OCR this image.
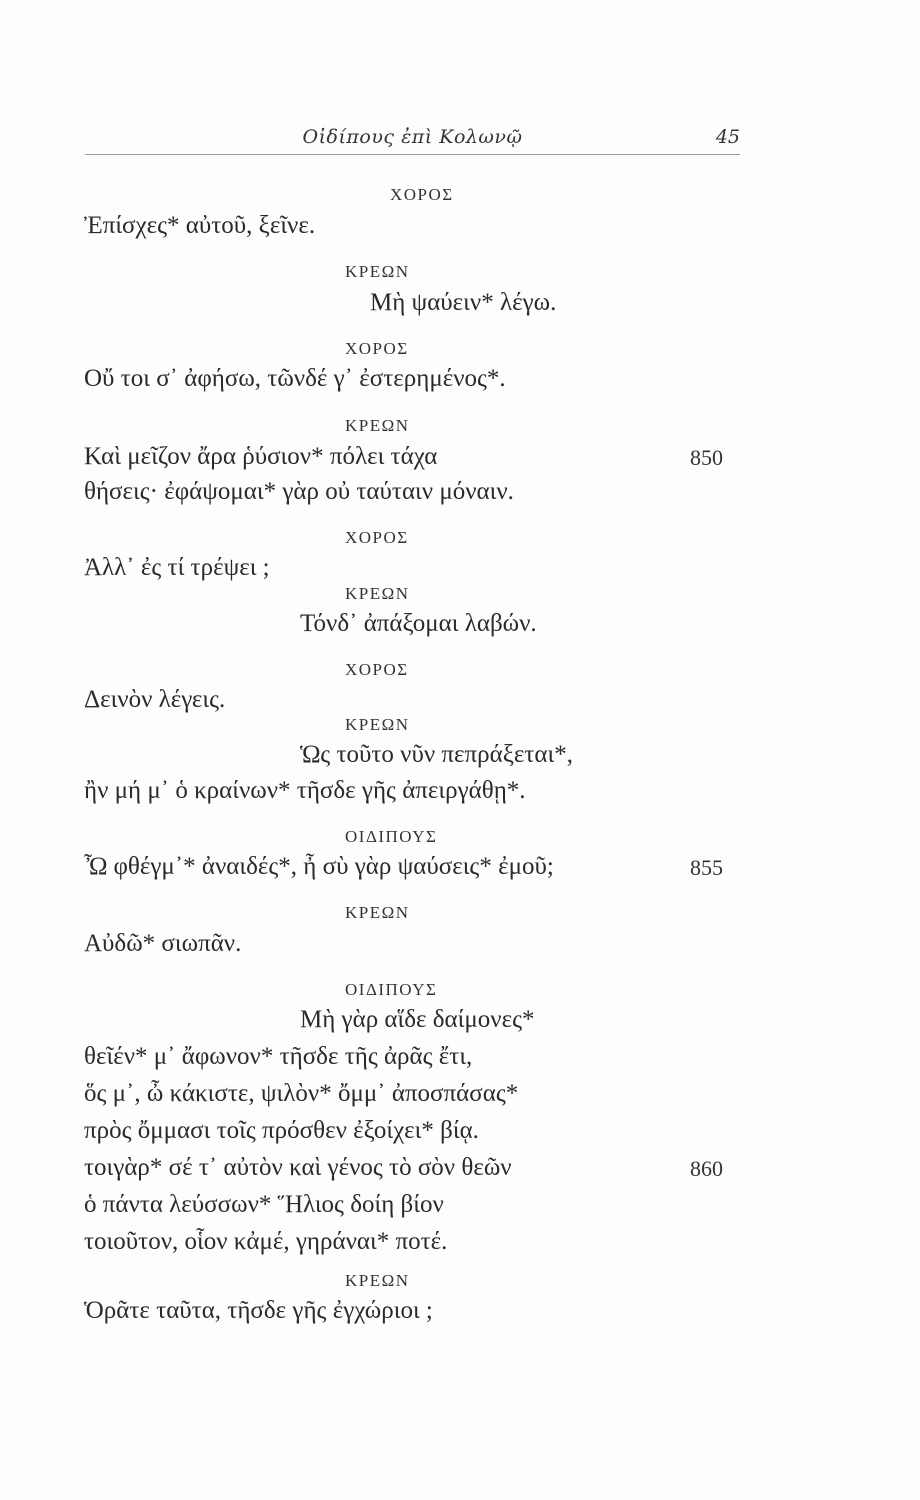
Οἰδίπους ἐπὶ Κολωνῷ	45
ΧΟΡΟΣ
Ἐπίσχες* αὐτοῦ, ξεῖνε.
ΚΡΕΩΝ
Μὴ ψαύειν* λέγω.
ΧΟΡΟΣ
Οὔ τοι σ᾽ ἀφήσω, τῶνδέ γ᾽ ἐστερημένος*.
ΚΡΕΩΝ
Καὶ μεῖζον ἄρα ῥύσιον* πόλει τάχα	850
θήσεις· ἐφάψομαι* γὰρ οὐ ταύταιν μόναιν.
ΧΟΡΟΣ
Ἀλλ᾽ ἐς τί τρέψει ;
ΚΡΕΩΝ
Τόνδ᾽ ἀπάξομαι λαβών.
ΧΟΡΟΣ
Δεινὸν λέγεις.
ΚΡΕΩΝ
Ὡς τοῦτο νῦν πεπράξεται*,
ἢν μή μ᾽ ὁ κραίνων* τῆσδε γῆς ἀπειργάθῃ*.
ΟΙΔΙΠΟΥΣ
Ὦ φθέγμ᾽* ἀναιδές*, ἦ σὺ γὰρ ψαύσεις* ἐμοῦ;	855
ΚΡΕΩΝ
Αὐδῶ* σιωπᾶν.
ΟΙΔΙΠΟΥΣ
Μὴ γὰρ αἵδε δαίμονες*
θεῖέν* μ᾽ ἄφωνον* τῆσδε τῆς ἀρᾶς ἔτι,
ὅς μ᾽, ὦ κάκιστε, ψιλὸν* ὄμμ᾽ ἀποσπάσας*
πρὸς ὄμμασι τοῖς πρόσθεν ἐξοίχει* βίᾳ.
τοιγὰρ* σέ τ᾽ αὐτὸν καὶ γένος τὸ σὸν θεῶν	860
ὁ πάντα λεύσσων* Ἥλιος δοίη βίον
τοιοῦτον, οἷον κἀμέ, γηράναι* ποτέ.
ΚΡΕΩΝ
Ὁρᾶτε ταῦτα, τῆσδε γῆς ἐγχώριοι ;
